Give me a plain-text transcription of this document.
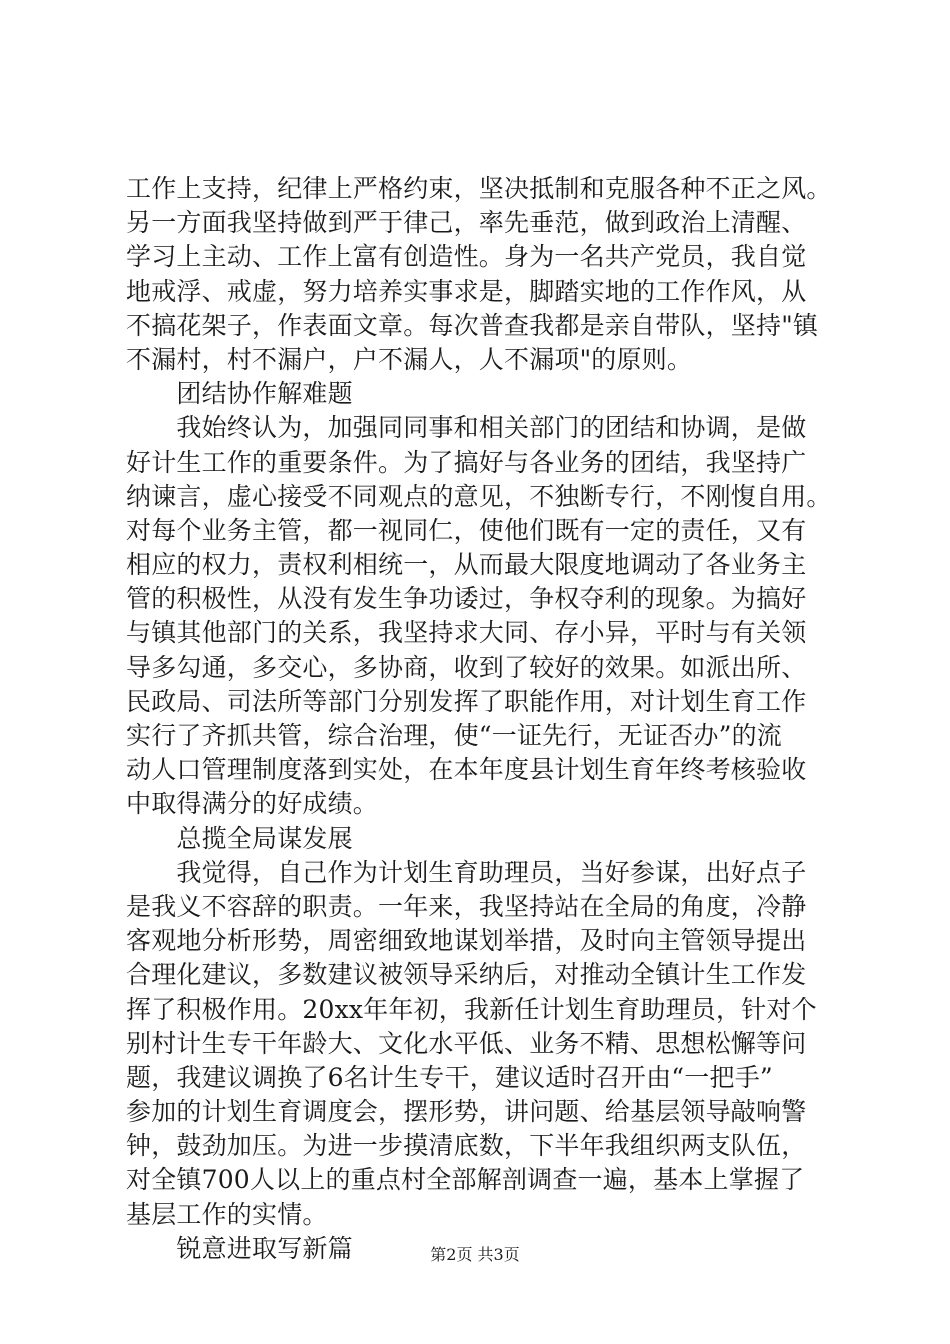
工作上支持，纪律上严格约束，坚决抵制和克服各种不正之风。
另一方面我坚持做到严于律己，率先垂范，做到政治上清醒、
学习上主动、工作上富有创造性。身为一名共产党员，我自觉
地戒浮、戒虚，努力培养实事求是，脚踏实地的工作作风，从
不搞花架子，作表面文章。每次普查我都是亲自带队，坚持"镇
不漏村，村不漏户，户不漏人，人不漏项"的原则。
　　团结协作解难题
　　我始终认为，加强同同事和相关部门的团结和协调，是做
好计生工作的重要条件。为了搞好与各业务的团结，我坚持广
纳谏言，虚心接受不同观点的意见，不独断专行，不刚愎自用。
对每个业务主管，都一视同仁，使他们既有一定的责任，又有
相应的权力，责权利相统一，从而最大限度地调动了各业务主
管的积极性，从没有发生争功诿过，争权夺利的现象。为搞好
与镇其他部门的关系，我坚持求大同、存小异，平时与有关领
导多勾通，多交心，多协商，收到了较好的效果。如派出所、
民政局、司法所等部门分别发挥了职能作用，对计划生育工作
实行了齐抓共管，综合治理，使“一证先行，无证否办”的流
动人口管理制度落到实处，在本年度县计划生育年终考核验收
中取得满分的好成绩。
　　总揽全局谋发展
　　我觉得，自己作为计划生育助理员，当好参谋，出好点子
是我义不容辞的职责。一年来，我坚持站在全局的角度，冷静
客观地分析形势，周密细致地谋划举措，及时向主管领导提出
合理化建议，多数建议被领导采纳后，对推动全镇计生工作发
挥了积极作用。20xx年年初，我新任计划生育助理员，针对个
别村计生专干年龄大、文化水平低、业务不精、思想松懈等问
题，我建议调换了6名计生专干，建议适时召开由“一把手”
参加的计划生育调度会，摆形势，讲问题、给基层领导敲响警
钟，鼓劲加压。为进一步摸清底数，下半年我组织两支队伍，
对全镇700人以上的重点村全部解剖调查一遍，基本上掌握了
基层工作的实情。
　　锐意进取写新篇	第2页 共3页
